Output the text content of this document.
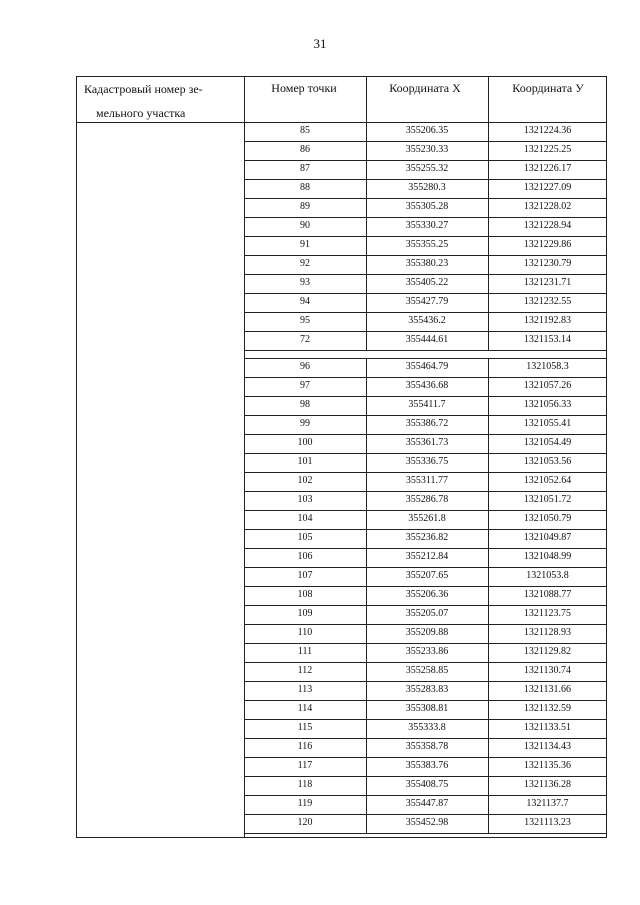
31
Кадастровый номер зе-
мельного участка
Номер точки	Координата Х	Координата У
85	355206.35	1321224.36
86	355230.33	1321225.25
87	355255.32	1321226.17
88	355280.3	1321227.09
89	355305.28	1321228.02
90	355330.27	1321228.94
91	355355.25	1321229.86
92	355380.23	1321230.79
93	355405.22	1321231.71
94	355427.79	1321232.55
95	355436.2	1321192.83
72	355444.61	1321153.14
96	355464.79	1321058.3
97	355436.68	1321057.26
98	355411.7	1321056.33
99	355386.72	1321055.41
100	355361.73	1321054.49
101	355336.75	1321053.56
102	355311.77	1321052.64
103	355286.78	1321051.72
104	355261.8	1321050.79
105	355236.82	1321049.87
106	355212.84	1321048.99
107	355207.65	1321053.8
108	355206.36	1321088.77
109	355205.07	1321123.75
110	355209.88	1321128.93
111	355233.86	1321129.82
112	355258.85	1321130.74
113	355283.83	1321131.66
114	355308.81	1321132.59
115	355333.8	1321133.51
116	355358.78	1321134.43
117	355383.76	1321135.36
118	355408.75	1321136.28
119	355447.87	1321137.7
120	355452.98	1321113.23
